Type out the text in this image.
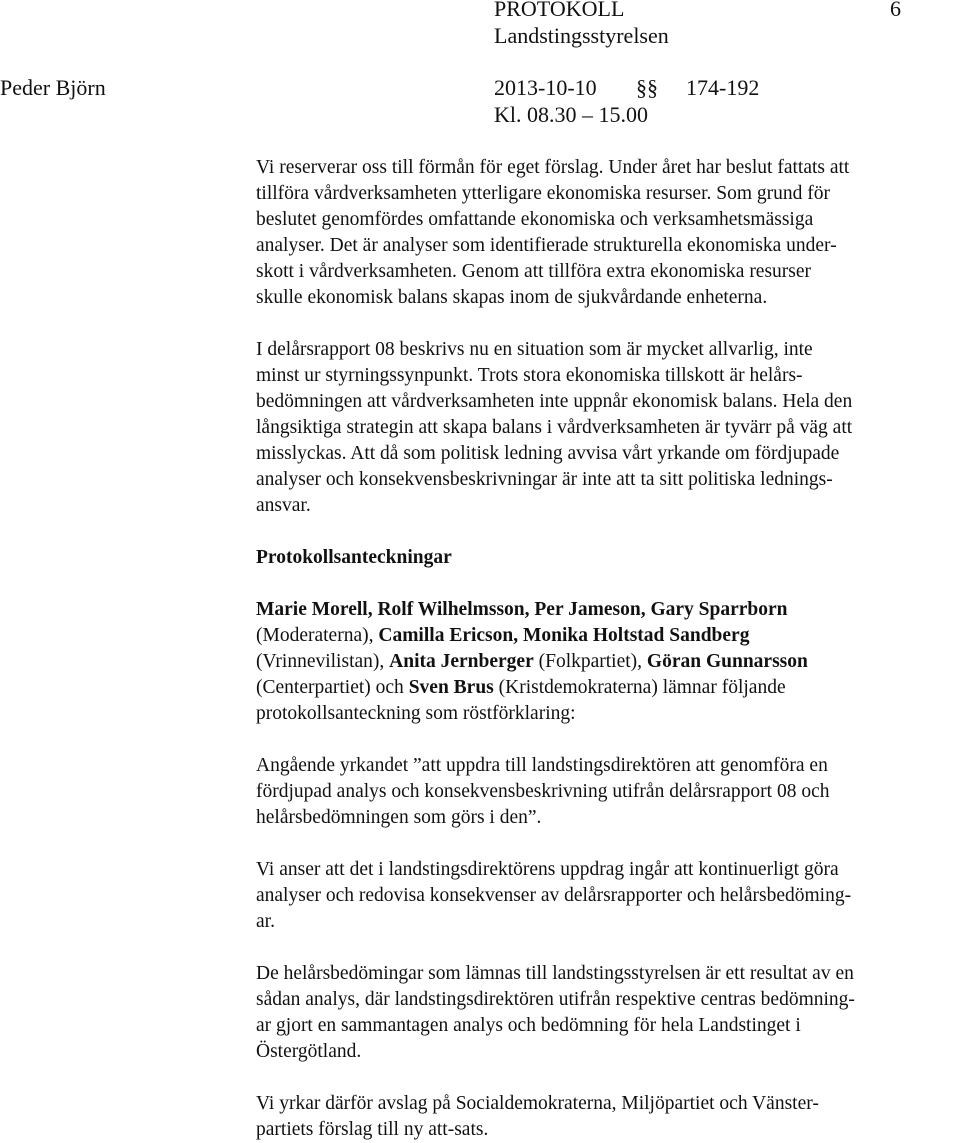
PROTOKOLL	6
Landstingsstyrelsen
Peder Björn	2013-10-10 §§ 174-192
Kl. 08.30 – 15.00

Vi reserverar oss till förmån för eget förslag. Under året har beslut fattats att
tillföra vårdverksamheten ytterligare ekonomiska resurser. Som grund för
beslutet genomfördes omfattande ekonomiska och verksamhetsmässiga
analyser. Det är analyser som identifierade strukturella ekonomiska under-
skott i vårdverksamheten. Genom att tillföra extra ekonomiska resurser
skulle ekonomisk balans skapas inom de sjukvårdande enheterna.

I delårsrapport 08 beskrivs nu en situation som är mycket allvarlig, inte
minst ur styrningssynpunkt. Trots stora ekonomiska tillskott är helårs-
bedömningen att vårdverksamheten inte uppnår ekonomisk balans. Hela den
långsiktiga strategin att skapa balans i vårdverksamheten är tyvärr på väg att
misslyckas. Att då som politisk ledning avvisa vårt yrkande om fördjupade
analyser och konsekvensbeskrivningar är inte att ta sitt politiska lednings-
ansvar.

Protokollsanteckningar

Marie Morell, Rolf Wilhelmsson, Per Jameson, Gary Sparrborn
(Moderaterna), Camilla Ericson, Monika Holtstad Sandberg
(Vrinnevilistan), Anita Jernberger (Folkpartiet), Göran Gunnarsson
(Centerpartiet) och Sven Brus (Kristdemokraterna) lämnar följande
protokollsanteckning som röstförklaring:

Angående yrkandet ”att uppdra till landstingsdirektören att genomföra en
fördjupad analys och konsekvensbeskrivning utifrån delårsrapport 08 och
helårsbedömningen som görs i den”.

Vi anser att det i landstingsdirektörens uppdrag ingår att kontinuerligt göra
analyser och redovisa konsekvenser av delårsrapporter och helårsbedöming-
ar.

De helårsbedömingar som lämnas till landstingsstyrelsen är ett resultat av en
sådan analys, där landstingsdirektören utifrån respektive centras bedömning-
ar gjort en sammantagen analys och bedömning för hela Landstinget i
Östergötland.

Vi yrkar därför avslag på Socialdemokraterna, Miljöpartiet och Vänster-
partiets förslag till ny att-sats.
